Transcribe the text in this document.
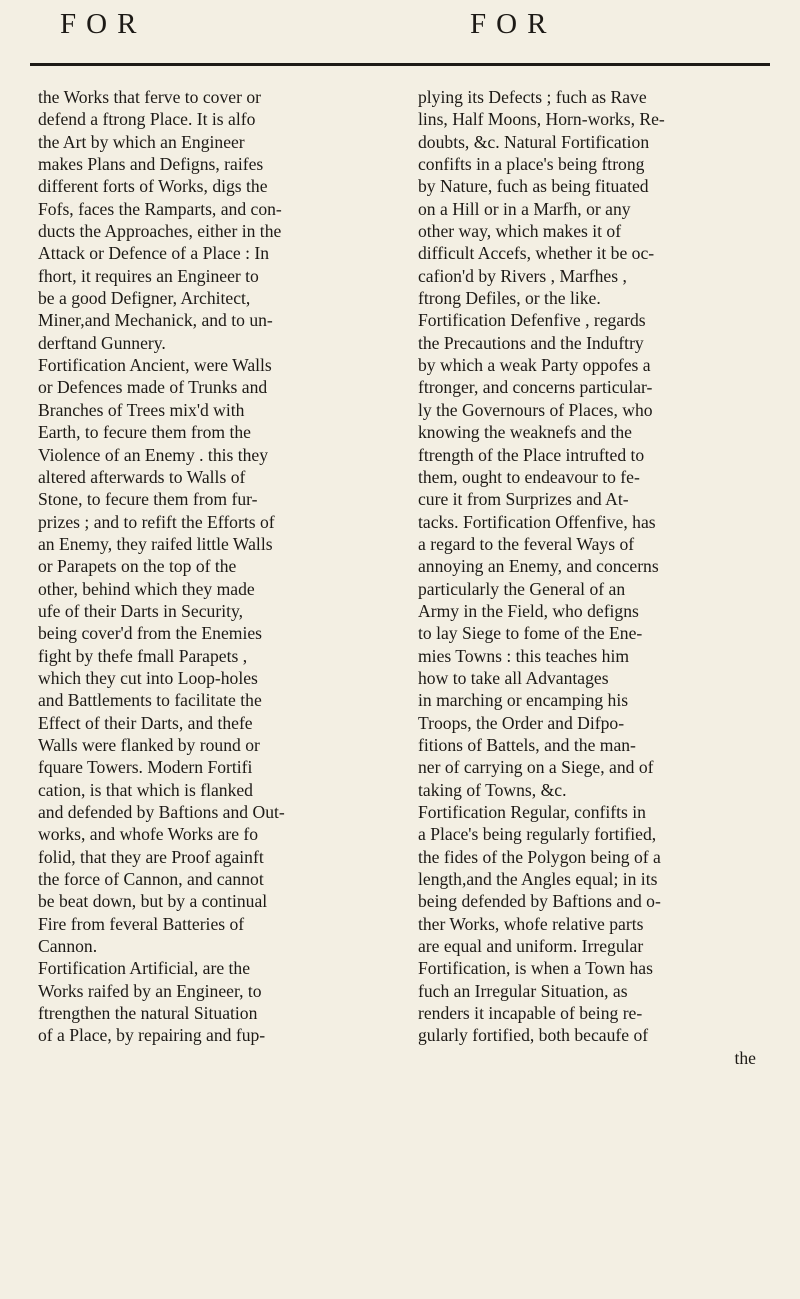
FOR	FOR
the Works that ferve to cover or
defend a ftrong Place. It is alfo
the Art by which an Engineer
makes Plans and Defigns, raifes
different forts of Works, digs the
Fofs, faces the Ramparts, and con-
ducts the Approaches, either in the
Attack or Defence of a Place : In
fhort, it requires an Engineer to
be a good Defigner, Architect,
Miner,and Mechanick, and to un-
derftand Gunnery.
Fortification Ancient, were Walls
or Defences made of Trunks and
Branches of Trees mix'd with
Earth, to fecure them from the
Violence of an Enemy . this they
altered afterwards to Walls of
Stone, to fecure them from fur-
prizes ; and to refift the Efforts of
an Enemy, they raifed little Walls
or Parapets on the top of the
other, behind which they made
ufe of their Darts in Security,
being cover'd from the Enemies
fight by thefe fmall Parapets ,
which they cut into Loop-holes
and Battlements to facilitate the
Effect of their Darts, and thefe
Walls were flanked by round or
fquare Towers. Modern Fortifi
cation, is that which is flanked
and defended by Baftions and Out-
works, and whofe Works are fo
folid, that they are Proof againft
the force of Cannon, and cannot
be beat down, but by a continual
Fire from feveral Batteries of
Cannon.
Fortification Artificial, are the
Works raifed by an Engineer, to
ftrengthen the natural Situation
of a Place, by repairing and fup-
plying its Defects ; fuch as Rave
lins, Half Moons, Horn-works, Re-
doubts, &c. Natural Fortification
confifts in a place's being ftrong
by Nature, fuch as being fituated
on a Hill or in a Marfh, or any
other way, which makes it of
difficult Accefs, whether it be oc-
cafion'd by Rivers , Marfhes ,
ftrong Defiles, or the like.
Fortification Defenfive , regards
the Precautions and the Induftry
by which a weak Party oppofes a
ftronger, and concerns particular-
ly the Governours of Places, who
knowing the weaknefs and the
ftrength of the Place intrufted to
them, ought to endeavour to fe-
cure it from Surprizes and At-
tacks. Fortification Offenfive, has
a regard to the feveral Ways of
annoying an Enemy, and concerns
particularly the General of an
Army in the Field, who defigns
to lay Siege to fome of the Ene-
mies Towns : this teaches him
how to take all Advantages
in marching or encamping his
Troops, the Order and Difpo-
fitions of Battels, and the man-
ner of carrying on a Siege, and of
taking of Towns, &c.
Fortification Regular, confifts in
a Place's being regularly fortified,
the fides of the Polygon being of a
length,and the Angles equal; in its
being defended by Baftions and o-
ther Works, whofe relative parts
are equal and uniform. Irregular
Fortification, is when a Town has
fuch an Irregular Situation, as
renders it incapable of being re-
gularly fortified, both becaufe of
the
